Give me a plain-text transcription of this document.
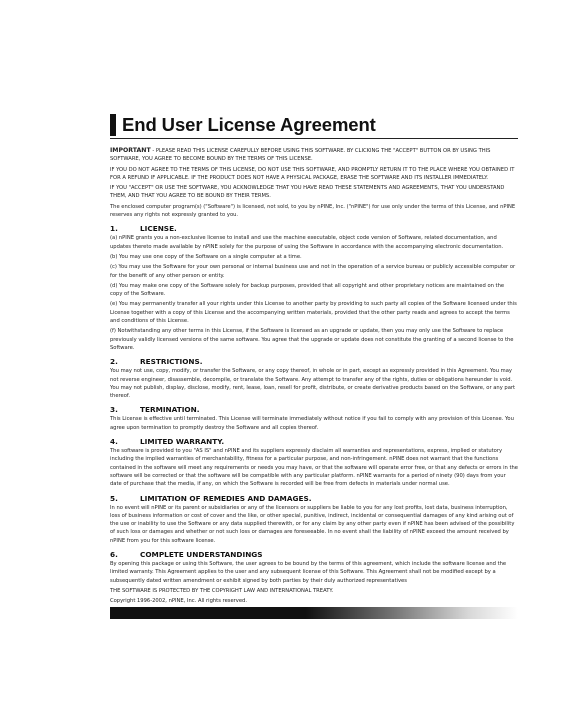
End User License Agreement

IMPORTANT - PLEASE READ THIS LICENSE CAREFULLY BEFORE USING THIS SOFTWARE. BY CLICKING THE "ACCEPT" BUTTON OR BY USING THIS SOFTWARE, YOU AGREE TO BECOME BOUND BY THE TERMS OF THIS LICENSE.

IF YOU DO NOT AGREE TO THE TERMS OF THIS LICENSE, DO NOT USE THIS SOFTWARE, AND PROMPTLY RETURN IT TO THE PLACE WHERE YOU OBTAINED IT FOR A REFUND IF APPLICABLE. IF THE PRODUCT DOES NOT HAVE A PHYSICAL PACKAGE, ERASE THE SOFTWARE AND ITS INSTALLER IMMEDIATELY.

IF YOU "ACCEPT" OR USE THE SOFTWARE, YOU ACKNOWLEDGE THAT YOU HAVE READ THESE STATEMENTS AND AGREEMENTS, THAT YOU UNDERSTAND THEM, AND THAT YOU AGREE TO BE BOUND BY THEIR TERMS.

The enclosed computer program(s) ("Software") is licensed, not sold, to you by nPINE, Inc. ("nPINE") for use only under the terms of this License, and nPINE reserves any rights not expressly granted to you.

1.	LICENSE.

(a) nPINE grants you a non-exclusive license to install and use the machine executable, object code version of Software, related documentation, and updates thereto made available by nPINE solely for the purpose of using the Software in accordance with the accompanying electronic documentation.

(b) You may use one copy of the Software on a single computer at a time.

(c) You may use the Software for your own personal or internal business use and not in the operation of a service bureau or publicly accessible computer or for the benefit of any other person or entity.

(d) You may make one copy of the Software solely for backup purposes, provided that all copyright and other proprietary notices are maintained on the copy of the Software.

(e) You may permanently transfer all your rights under this License to another party by providing to such party all copies of the Software licensed under this License together with a copy of this License and the accompanying written materials, provided that the other party reads and agrees to accept the terms and conditions of this License.

(f) Notwithstanding any other terms in this License, if the Software is licensed as an upgrade or update, then you may only use the Software to replace previously validly licensed versions of the same software. You agree that the upgrade or update does not constitute the granting of a second license to the Software.

2.	RESTRICTIONS.

You may not use, copy, modify, or transfer the Software, or any copy thereof, in whole or in part, except as expressly provided in this Agreement. You may not reverse engineer, disassemble, decompile, or translate the Software. Any attempt to transfer any of the rights, duties or obligations hereunder is void. You may not publish, display, disclose, modify, rent, lease, loan, resell for profit, distribute, or create derivative products based on the Software, or any part thereof.

3.	TERMINATION.

This License is effective until terminated. This License will terminate immediately without notice if you fail to comply with any provision of this License. You agree upon termination to promptly destroy the Software and all copies thereof.

4.	LIMITED WARRANTY.

The software is provided to you "AS IS" and nPINE and its suppliers expressly disclaim all warranties and representations, express, implied or statutory including the implied warranties of merchantability, fitness for a particular purpose, and non-infringement. nPINE does not warrant that the functions contained in the software will meet any requirements or needs you may have, or that the software will operate error free, or that any defects or errors in the software will be corrected or that the software will be compatible with any particular platform. nPINE warrants for a period of ninety (90) days from your date of purchase that the media, if any, on which the Software is recorded will be free from defects in materials under normal use.

5.	LIMITATION OF REMEDIES AND DAMAGES.

In no event will nPINE or its parent or subsidiaries or any of the licensors or suppliers be liable to you for any lost profits, lost data, business interruption, loss of business information or cost of cover and the like, or other special, punitive, indirect, incidental or consequential damages of any kind arising out of the use or inability to use the Software or any data supplied therewith, or for any claim by any other party even if nPINE has been advised of the possibility of such loss or damages and whether or not such loss or damages are foreseeable. In no event shall the liability of nPINE exceed the amount received by nPINE from you for this software license.

6.	COMPLETE UNDERSTANDINGS

By opening this package or using this Software, the user agrees to be bound by the terms of this agreement, which include the software license and the limited warranty. This Agreement applies to the user and any subsequent license of this Software. This Agreement shall not be modified except by a subsequently dated written amendment or exhibit signed by both parties by their duly authorized representatives

THE SOFTWARE IS PROTECTED BY THE COPYRIGHT LAW AND INTERNATIONAL TREATY.

Copyright 1996-2002, nPINE, Inc. All rights reserved.
